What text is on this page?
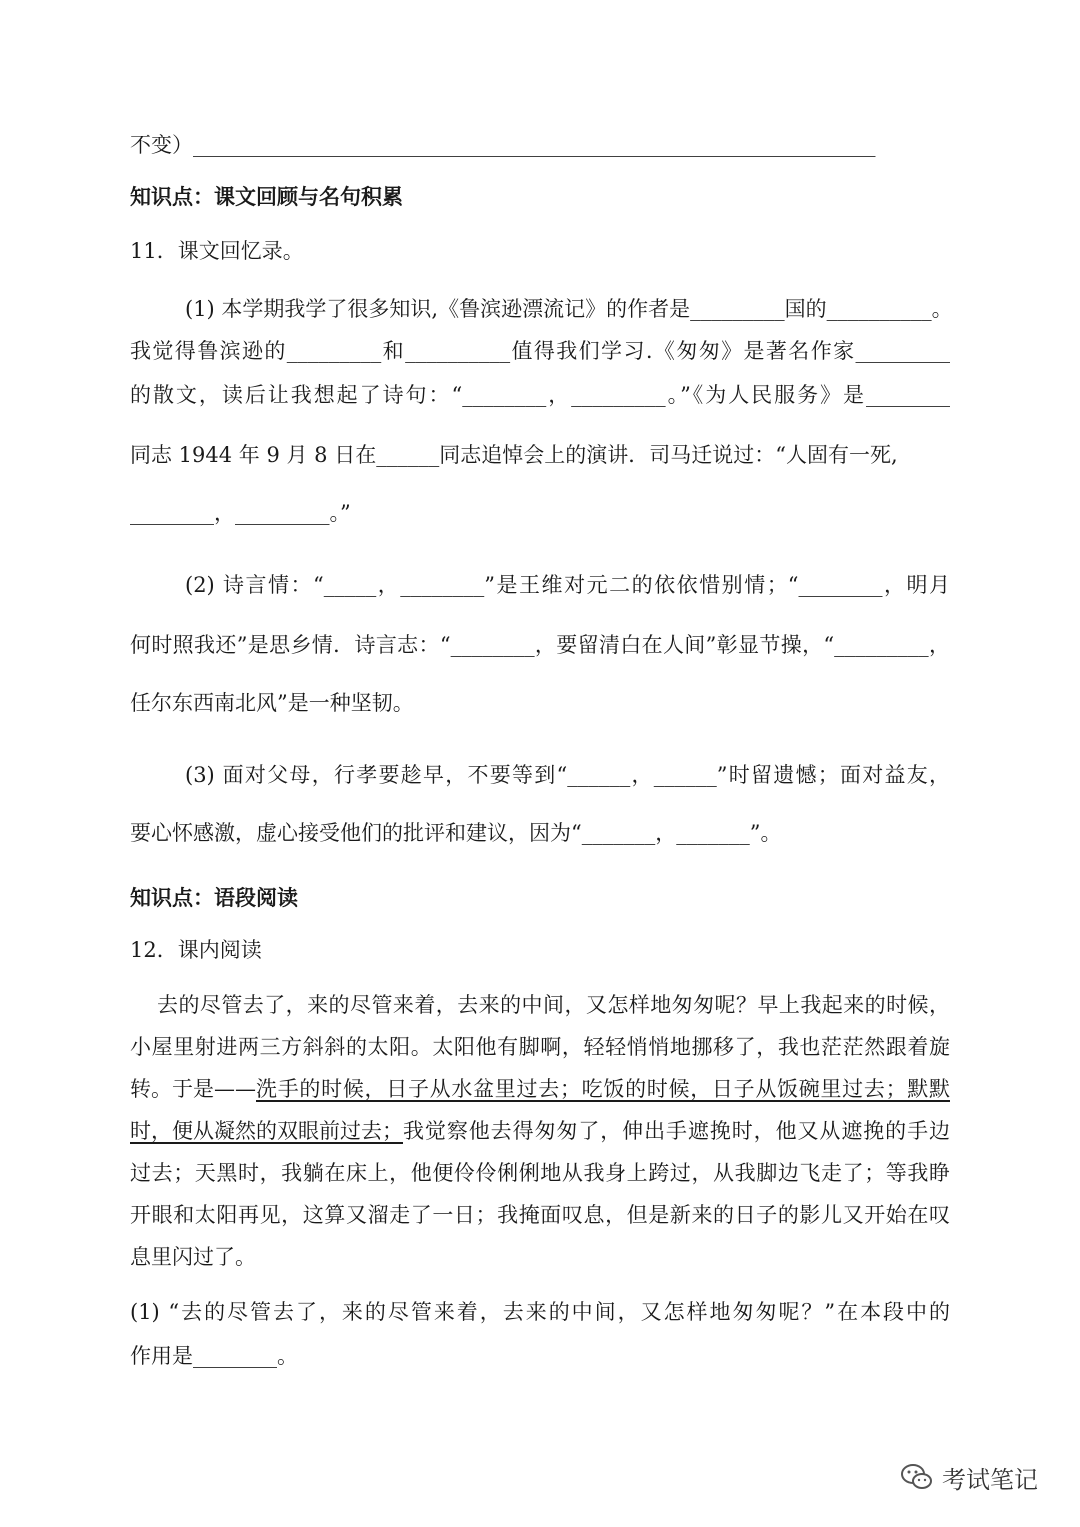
不变）_________________________________________________________________
知识点：课文回顾与名句积累
11．课文回忆录。
(1) 本学期我学了很多知识,《鲁滨逊漂流记》的作者是_________国的__________。
我觉得鲁滨逊的_________和__________值得我们学习.《匆匆》是著名作家_________
的散文，读后让我想起了诗句：“________，_________。”《为人民服务》是________
同志 1944 年 9 月 8 日在______同志追悼会上的演讲．司马迁说过：“人固有一死,
________，_________。”
(2) 诗言情：“_____，________”是王维对元二的依依惜别情；“________，明月
何时照我还”是思乡情．诗言志：“________，要留清白在人间”彰显节操，“_________，
任尔东西南北风”是一种坚韧。
(3) 面对父母，行孝要趁早，不要等到“______，______”时留遗憾；面对益友，
要心怀感激，虚心接受他们的批评和建议，因为“_______，_______”。
知识点：语段阅读
12．课内阅读
去的尽管去了，来的尽管来着，去来的中间，又怎样地匆匆呢？早上我起来的时候，
小屋里射进两三方斜斜的太阳。太阳他有脚啊，轻轻悄悄地挪移了，我也茫茫然跟着旋
转。于是—— 洗手的时候，日子从水盆里过去；吃饭的时候，日子从饭碗里过去；默默
时，便从凝然的双眼前过去； 我觉察他去得匆匆了，伸出手遮挽时，他又从遮挽的手边
过去；天黑时，我躺在床上，他便伶伶俐俐地从我身上跨过，从我脚边飞走了；等我睁
开眼和太阳再见，这算又溜走了一日；我掩面叹息，但是新来的日子的影儿又开始在叹
息里闪过了。
(1) “去的尽管去了，来的尽管来着，去来的中间，又怎样地匆匆呢？”在本段中的
作用是________。
考试笔记
